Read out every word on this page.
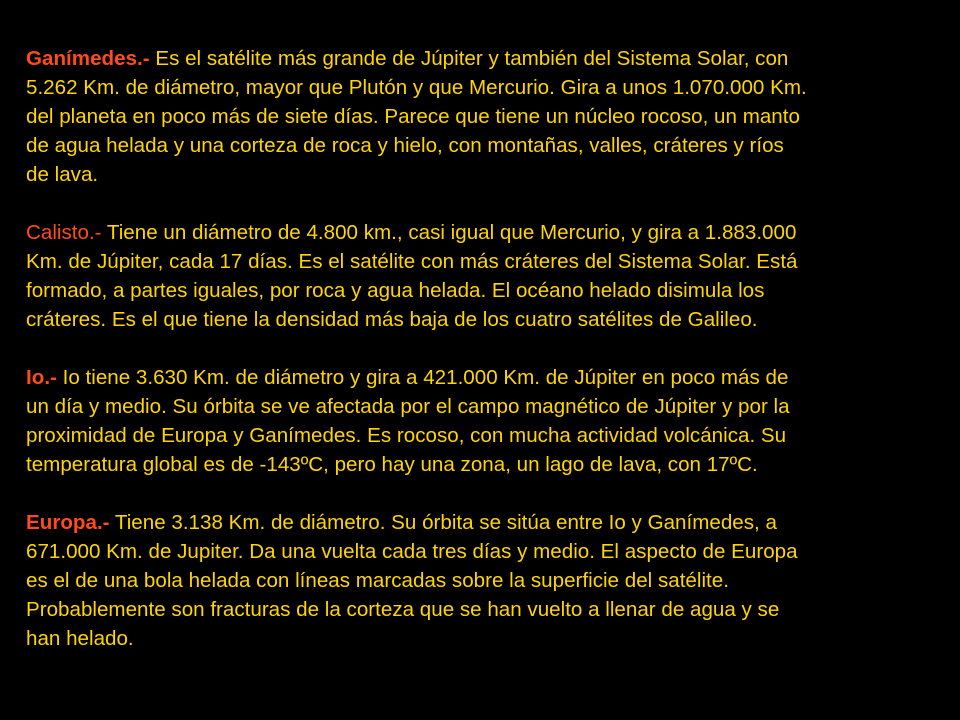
Ganímedes.- Es el satélite más grande de Júpiter y también del Sistema Solar, con
5.262 Km. de diámetro, mayor que Plutón y que Mercurio. Gira a unos 1.070.000 Km.
del planeta en poco más de siete días. Parece que tiene un núcleo rocoso, un manto
de agua helada y una corteza de roca y hielo, con montañas, valles, cráteres y ríos
de lava.

Calisto.- Tiene un diámetro de 4.800 km., casi igual que Mercurio, y gira a 1.883.000
Km. de Júpiter, cada 17 días. Es el satélite con más cráteres del Sistema Solar. Está
formado, a partes iguales, por roca y agua helada. El océano helado disimula los
cráteres. Es el que tiene la densidad más baja de los cuatro satélites de Galileo.

Io.- Io tiene 3.630 Km. de diámetro y gira a 421.000 Km. de Júpiter en poco más de
un día y medio. Su órbita se ve afectada por el campo magnético de Júpiter y por la
proximidad de Europa y Ganímedes. Es rocoso, con mucha actividad volcánica. Su
temperatura global es de -143ºC, pero hay una zona, un lago de lava, con 17ºC.

Europa.- Tiene 3.138 Km. de diámetro. Su órbita se sitúa entre Io y Ganímedes, a
671.000 Km. de Jupiter. Da una vuelta cada tres días y medio. El aspecto de Europa
es el de una bola helada con líneas marcadas sobre la superficie del satélite.
Probablemente son fracturas de la corteza que se han vuelto a llenar de agua y se
han helado.
